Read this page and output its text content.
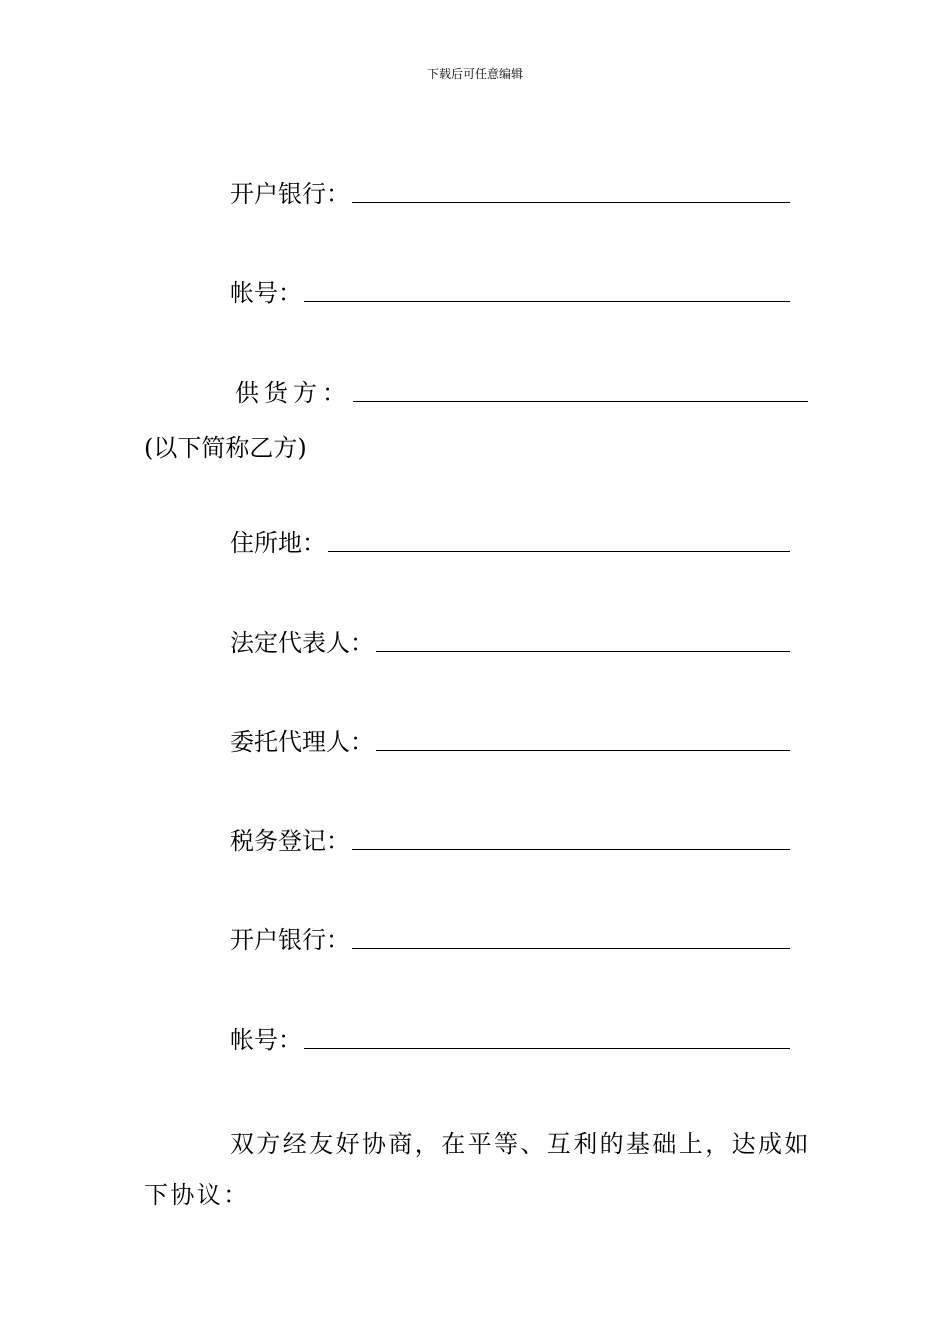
下载后可任意编辑
开户银行：
帐号：
供货方：
(以下简称乙方)
住所地：
法定代表人：
委托代理人：
税务登记：
开户银行：
帐号：
双方经友好协商，在平等、互利的基础上，达成如
下协议：
